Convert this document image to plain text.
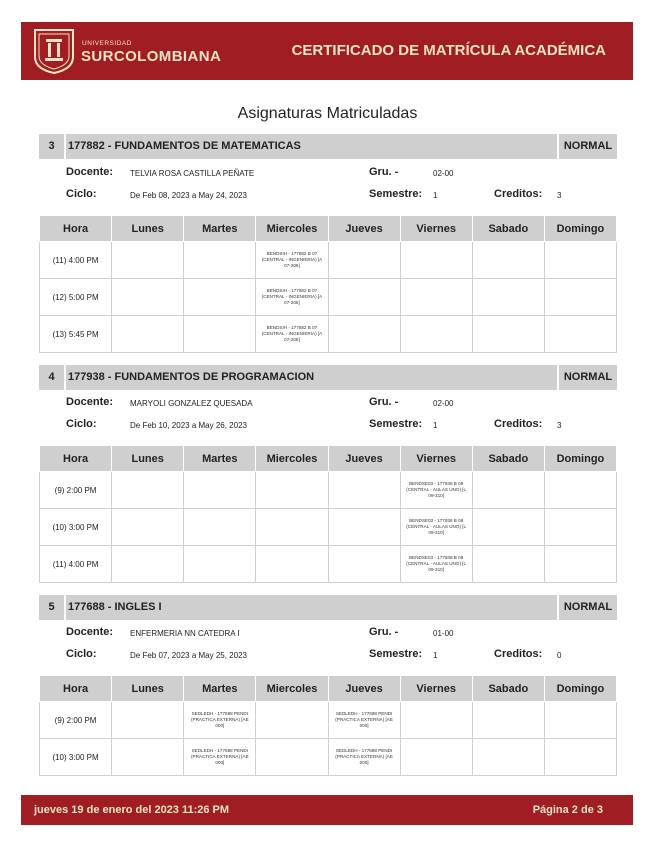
UNIVERSIDAD
SURCOLOMBIANA	CERTIFICADO DE MATRÍCULA ACADÉMICA
Asignaturas Matriculadas
3	177882 - FUNDAMENTOS DE MATEMATICAS	NORMAL
Docente: TELVIA ROSA CASTILLA PEÑATE	Gru. -	02-00
Ciclo:	De Feb 08, 2023 a May 24, 2023	Semestre: 1	Creditos: 3
Hora	Lunes	Martes	Miercoles	Jueves	Viernes	Sabado	Domingo
(11) 4:00 PM			BENDSIH - 177882 B 07 (CENTRAL - INGENIERIA) [A 07-208]				

(12) 5:00 PM			BENDSIH - 177882 B 07 (CENTRAL - INGENIERIA) [A 07-208]				

(13) 5:45 PM			BENDSIH - 177882 B 07 (CENTRAL - INGENIERIA) [A 07-208]				

4	177938 - FUNDAMENTOS DE PROGRAMACION	NORMAL
Docente: MARYOLI GONZALEZ QUESADA	Gru. -	02-00
Ciclo:	De Feb 10, 2023 a May 26, 2023	Semestre: 1	Creditos: 3
Hora	Lunes	Martes	Miercoles	Jueves	Viernes	Sabado	Domingo
(9) 2:00 PM					BENDSE03 - 177938 B 09 (CENTRAL - AULAS UNO) [L 09-310]		

(10) 3:00 PM					BENDSE03 - 177938 B 09 (CENTRAL - AULAS UNO) [L 09-310]		

(11) 4:00 PM					BENDSE03 - 177938 B 09 (CENTRAL - AULAS UNO) [L 09-310]		

5	177688 - INGLES I	NORMAL
Docente: ENFERMERIA NN CATEDRA I	Gru. -	01-00
Ciclo:	De Feb 07, 2023 a May 25, 2023	Semestre: 1	Creditos: 0
Hora	Lunes	Martes	Miercoles	Jueves	Viernes	Sabado	Domingo
(9) 2:00 PM		SEDLEDH - 177688 PENDI (PRACTICA EXTERNA) [AE 000]		SEDLEDH - 177688 PENDI (PRACTICA EXTERNA) [AE 000]			

(10) 3:00 PM		SEDLEDH - 177688 PENDI (PRACTICA EXTERNA) [AE 000]		SEDLEDH - 177688 PENDI (PRACTICA EXTERNA) [AE 000]			

jueves 19 de enero del 2023 11:26 PM	Página 2 de 3
